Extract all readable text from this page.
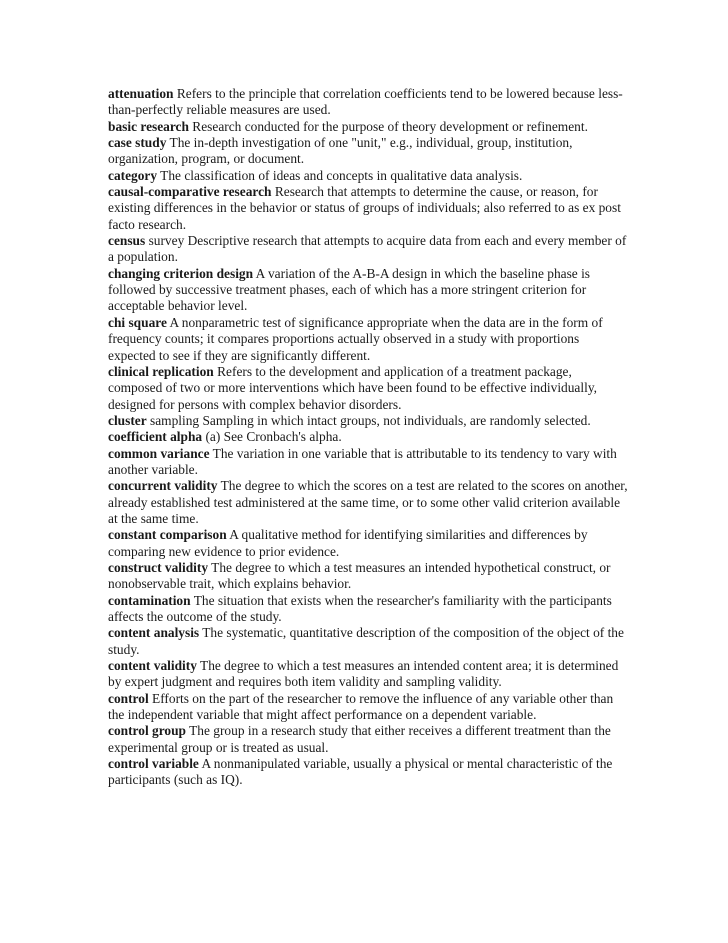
attenuation Refers to the principle that correlation coefficients tend to be lowered because less-than-perfectly reliable measures are used.

basic research Research conducted for the purpose of theory development or refinement.

case study The in-depth investigation of one "unit," e.g., individual, group, institution, organization, program, or document.

category The classification of ideas and concepts in qualitative data analysis.

causal-comparative research Research that attempts to determine the cause, or reason, for existing differences in the behavior or status of groups of individuals; also referred to as ex post facto research.

census survey Descriptive research that attempts to acquire data from each and every member of a population.

changing criterion design A variation of the A-B-A design in which the baseline phase is followed by successive treatment phases, each of which has a more stringent criterion for acceptable behavior level.

chi square A nonparametric test of significance appropriate when the data are in the form of frequency counts; it compares proportions actually observed in a study with proportions expected to see if they are significantly different.

clinical replication Refers to the development and application of a treatment package, composed of two or more interventions which have been found to be effective individually, designed for persons with complex behavior disorders.

cluster sampling Sampling in which intact groups, not individuals, are randomly selected.

coefficient alpha (a) See Cronbach's alpha.

common variance The variation in one variable that is attributable to its tendency to vary with another variable.

concurrent validity The degree to which the scores on a test are related to the scores on another, already established test administered at the same time, or to some other valid criterion available at the same time.

constant comparison A qualitative method for identifying similarities and differences by comparing new evidence to prior evidence.

construct validity The degree to which a test measures an intended hypothetical construct, or nonobservable trait, which explains behavior.

contamination The situation that exists when the researcher's familiarity with the participants affects the outcome of the study.

content analysis The systematic, quantitative description of the composition of the object of the study.

content validity The degree to which a test measures an intended content area; it is determined by expert judgment and requires both item validity and sampling validity.

control Efforts on the part of the researcher to remove the influence of any variable other than the independent variable that might affect performance on a dependent variable.

control group The group in a research study that either receives a different treatment than the experimental group or is treated as usual.

control variable A nonmanipulated variable, usually a physical or mental characteristic of the participants (such as IQ).
